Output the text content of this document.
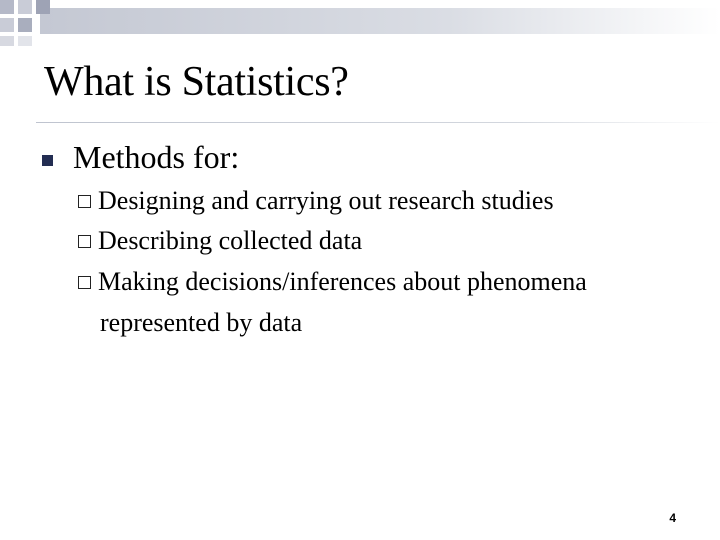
What is Statistics?
Methods for:
Designing and carrying out research studies
Describing collected data
Making decisions/inferences about phenomena
represented by data
4
